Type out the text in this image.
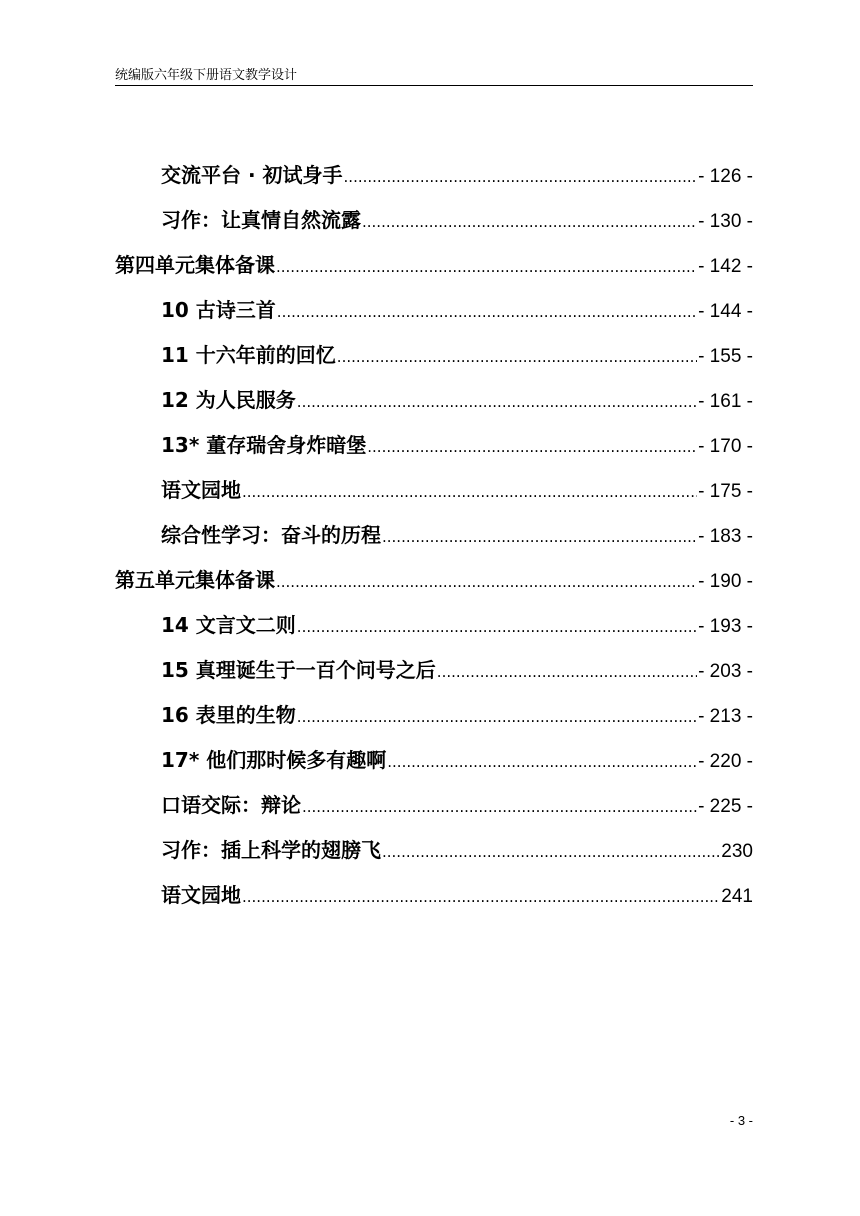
统编版六年级下册语文教学设计
交流平台 · 初试身手 .....	- 126 -
习作：让真情自然流露 .....	- 130 -
第四单元集体备课 .....	- 142 -
10 古诗三首 .....	- 144 -
11 十六年前的回忆 .....	- 155 -
12 为人民服务 .....	- 161 -
13* 董存瑞舍身炸暗堡 .....	- 170 -
语文园地 .....	- 175 -
综合性学习：奋斗的历程 .....	- 183 -
第五单元集体备课 .....	- 190 -
14 文言文二则 .....	- 193 -
15 真理诞生于一百个问号之后 .....	- 203 -
16 表里的生物 .....	- 213 -
17* 他们那时候多有趣啊 .....	- 220 -
口语交际：辩论 .....	- 225 -
习作：插上科学的翅膀飞 .....	230
语文园地 .....	241
- 3 -
